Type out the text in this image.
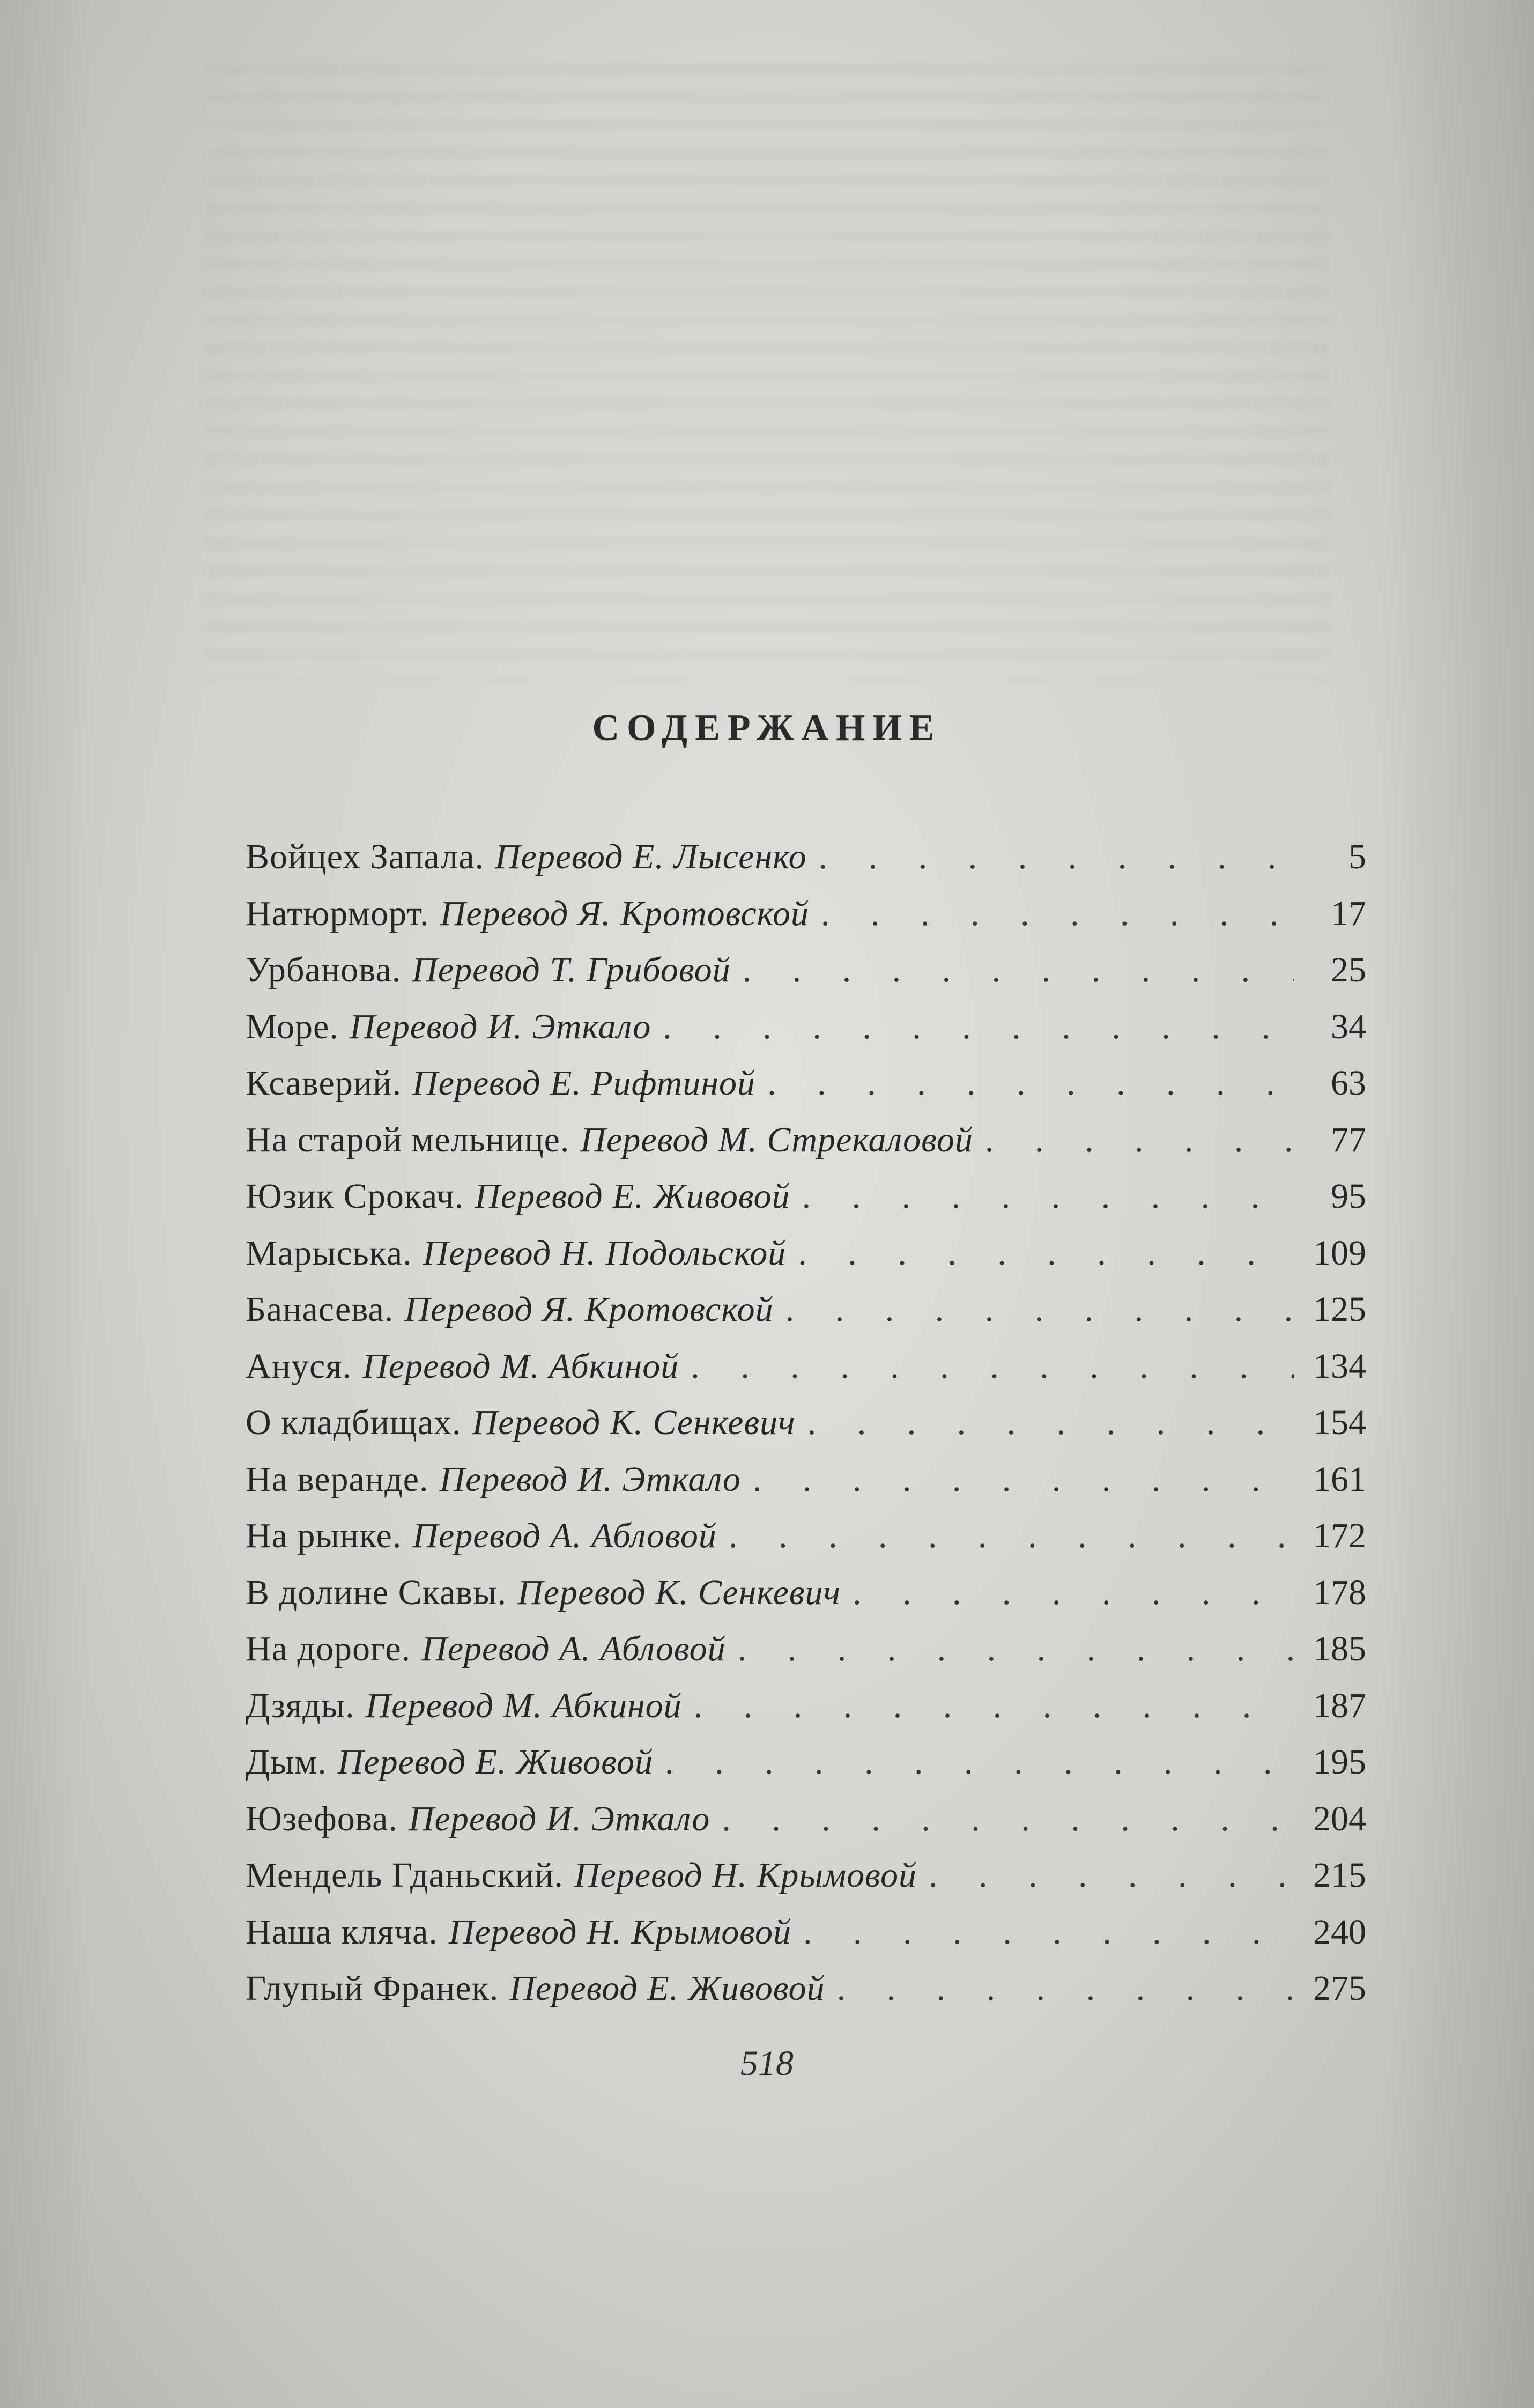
СОДЕРЖАНИЕ
Войцех Запала. Перевод Е. Лысенко . . .	5
Натюрморт. Перевод Я. Кротовской . . .	17
Урбанова. Перевод Т. Грибовой . . .	25
Море. Перевод И. Эткало . . .	34
Ксаверий. Перевод Е. Рифтиной . . .	63
На старой мельнице. Перевод М. Стрекаловой . . .	77
Юзик Срокач. Перевод Е. Живовой . . .	95
Марыська. Перевод Н. Подольской . . .	109
Банасева. Перевод Я. Кротовской . . .	125
Ануся. Перевод М. Абкиной . . .	134
О кладбищах. Перевод К. Сенкевич . . .	154
На веранде. Перевод И. Эткало . . .	161
На рынке. Перевод А. Абловой . . .	172
В долине Скавы. Перевод К. Сенкевич . . .	178
На дороге. Перевод А. Абловой . . .	185
Дзяды. Перевод М. Абкиной . . .	187
Дым. Перевод Е. Живовой . . .	195
Юзефова. Перевод И. Эткало . . .	204
Мендель Гданьский. Перевод Н. Крымовой . . .	215
Наша кляча. Перевод Н. Крымовой . . .	240
Глупый Франек. Перевод Е. Живовой . . .	275
518
